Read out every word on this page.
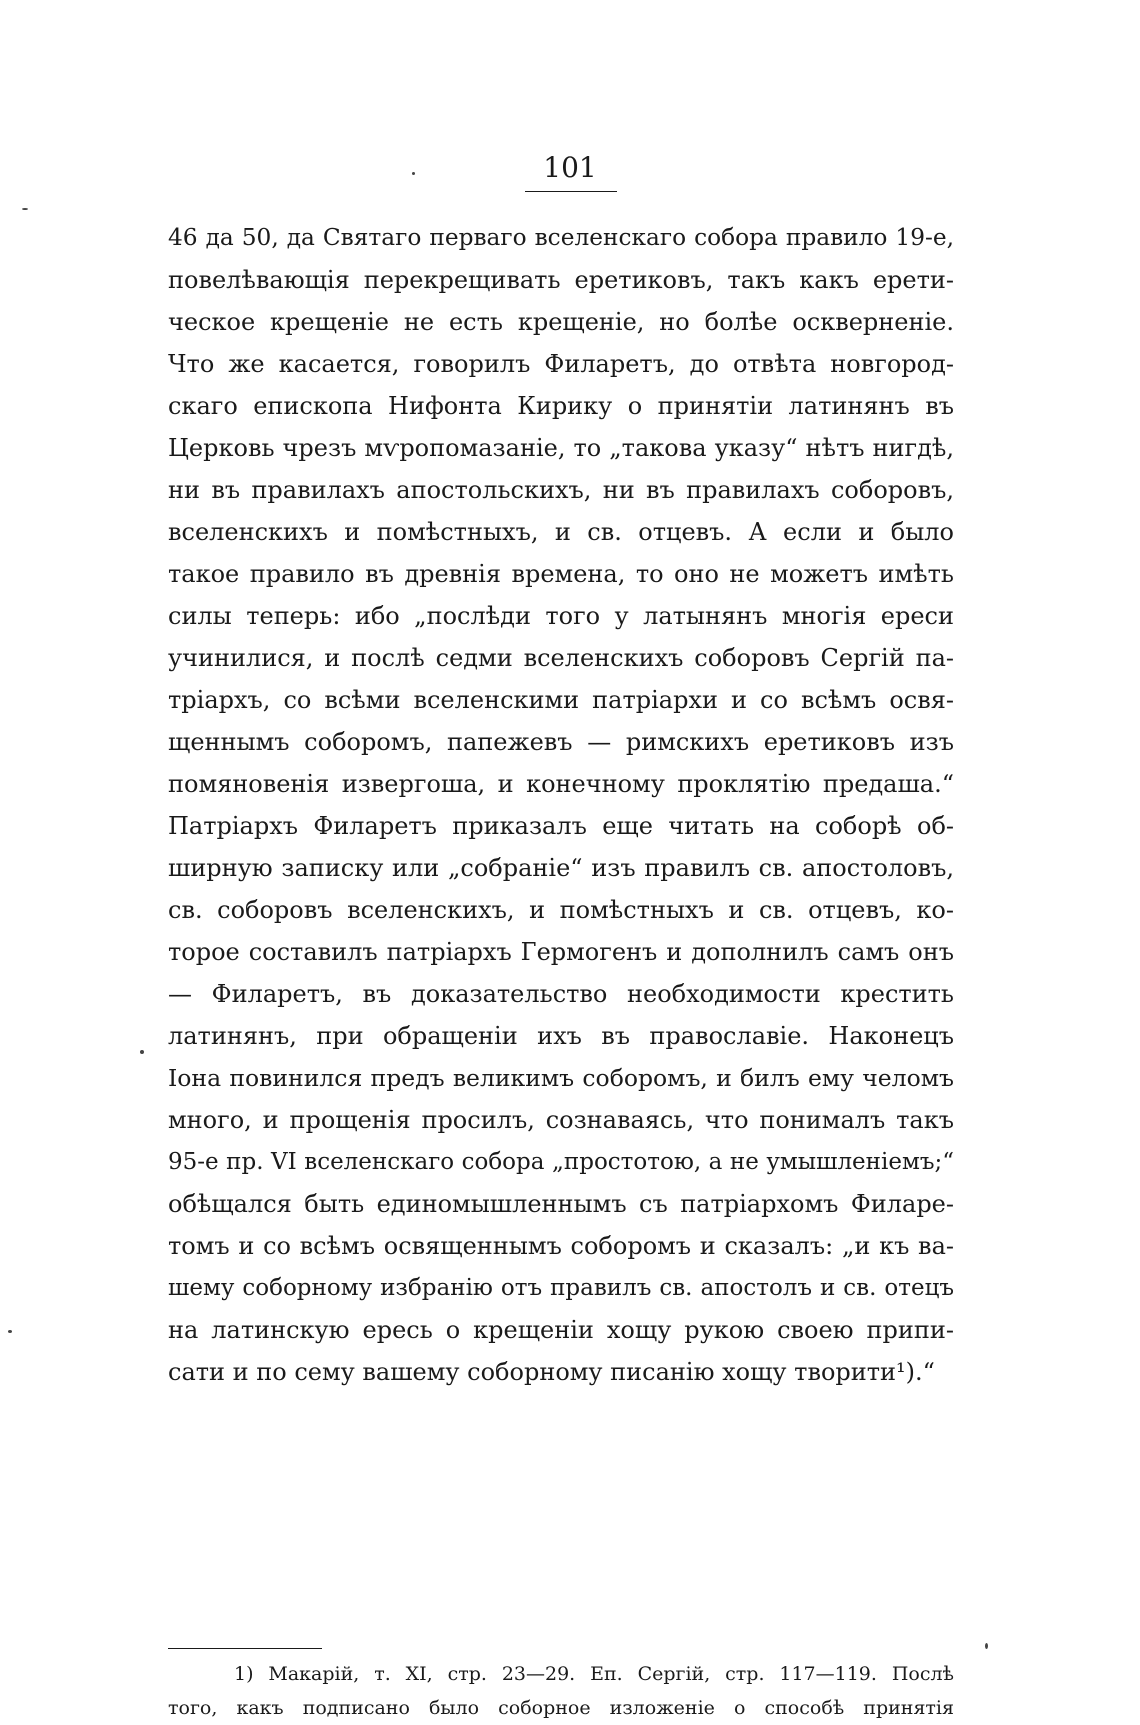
101
46 да 50, да Святаго перваго вселенскаго собора правило 19-е,
повелѣвающія перекрещивать еретиковъ, такъ какъ ерети-
ческое крещеніе не есть крещеніе, но болѣе оскверненіе.
Что же касается, говорилъ Филаретъ, до отвѣта новгород-
скаго епископа Нифонта Кирику о принятіи латинянъ въ
Церковь чрезъ мѵропомазаніе, то „такова указу“ нѣтъ нигдѣ,
ни въ правилахъ апостольскихъ, ни въ правилахъ соборовъ,
вселенскихъ и помѣстныхъ, и св. отцевъ. А если и было
такое правило въ древнія времена, то оно не можетъ имѣть
силы теперь: ибо „послѣди того у латынянъ многія ереси
учинилися, и послѣ седми вселенскихъ соборовъ Сергій па-
тріархъ, со всѣми вселенскими патріархи и со всѣмъ освя-
щеннымъ соборомъ, папежевъ — римскихъ еретиковъ изъ
помяновенія извергоша, и конечному проклятію предаша.“
Патріархъ Филаретъ приказалъ еще читать на соборѣ об-
ширную записку или „собраніе“ изъ правилъ св. апостоловъ,
св. соборовъ вселенскихъ, и помѣстныхъ и св. отцевъ, ко-
торое составилъ патріархъ Гермогенъ и дополнилъ самъ онъ
— Филаретъ, въ доказательство необходимости крестить
латинянъ, при обращеніи ихъ въ православіе. Наконецъ
Іона повинился предъ великимъ соборомъ, и билъ ему челомъ
много, и прощенія просилъ, сознаваясь, что понималъ такъ
95-е пр. VI вселенскаго собора „простотою, а не умышленіемъ;“
обѣщался быть единомышленнымъ съ патріархомъ Филаре-
томъ и со всѣмъ освященнымъ соборомъ и сказалъ: „и къ ва-
шему соборному избранію отъ правилъ св. апостолъ и св. отецъ
на латинскую ересь о крещеніи хощу рукою своею припи-
сати и по сему вашему соборному писанію хощу творити¹).“
1) Макарій, т. XI, стр. 23—29. Еп. Сергій, стр. 117—119. Послѣ
того, какъ подписано было соборное изложеніе о способѣ принятія
